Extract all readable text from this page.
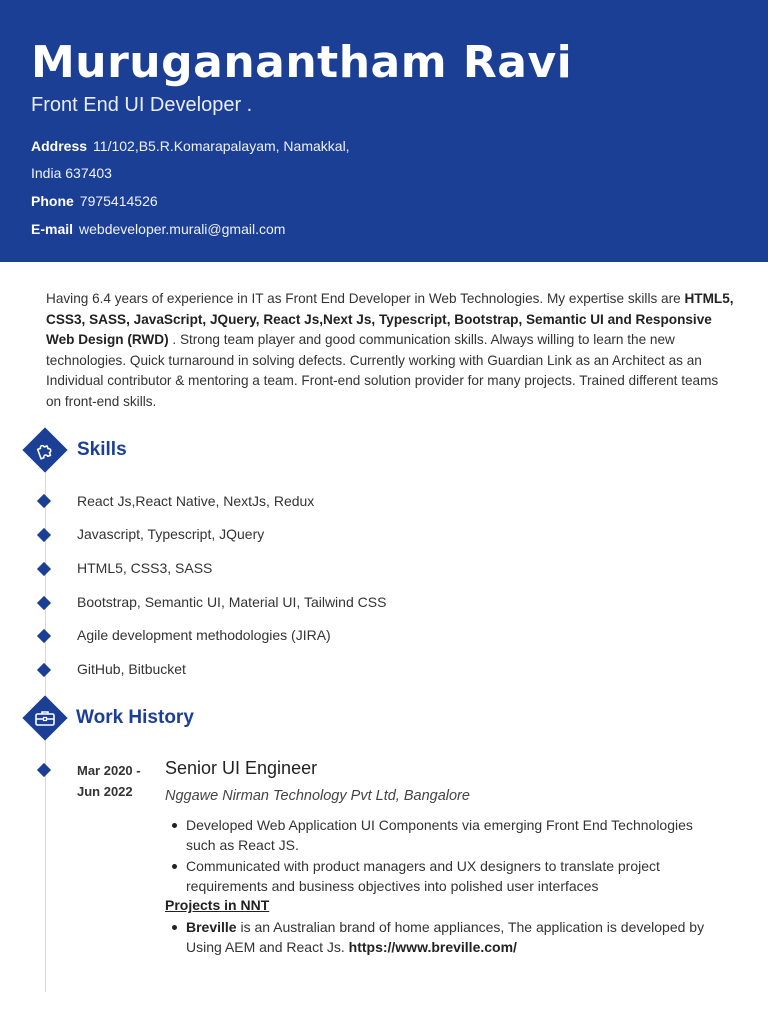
Muruganantham Ravi
Front End UI Developer .
Address 11/102,B5.R.Komarapalayam, Namakkal,
India 637403
Phone 7975414526
E-mail webdeveloper.murali@gmail.com

Having 6.4 years of experience in IT as Front End Developer in Web Technologies. My expertise skills are HTML5, CSS3, SASS, JavaScript, JQuery, React Js,Next Js, Typescript, Bootstrap, Semantic UI and Responsive Web Design (RWD) . Strong team player and good communication skills. Always willing to learn the new technologies. Quick turnaround in solving defects. Currently working with Guardian Link as an Architect as an Individual contributor & mentoring a team. Front-end solution provider for many projects. Trained different teams on front-end skills.

Skills
React Js,React Native, NextJs, Redux
Javascript, Typescript, JQuery
HTML5, CSS3, SASS
Bootstrap, Semantic UI, Material UI, Tailwind CSS
Agile development methodologies (JIRA)
GitHub, Bitbucket
Work History
Mar 2020 -
Jun 2022
Senior UI Engineer
Nggawe Nirman Technology Pvt Ltd, Bangalore
Developed Web Application UI Components via emerging Front End Technologies such as React JS.
Communicated with product managers and UX designers to translate project requirements and business objectives into polished user interfaces
Projects in NNT
Breville is an Australian brand of home appliances, The application is developed by Using AEM and React Js. https://www.breville.com/
